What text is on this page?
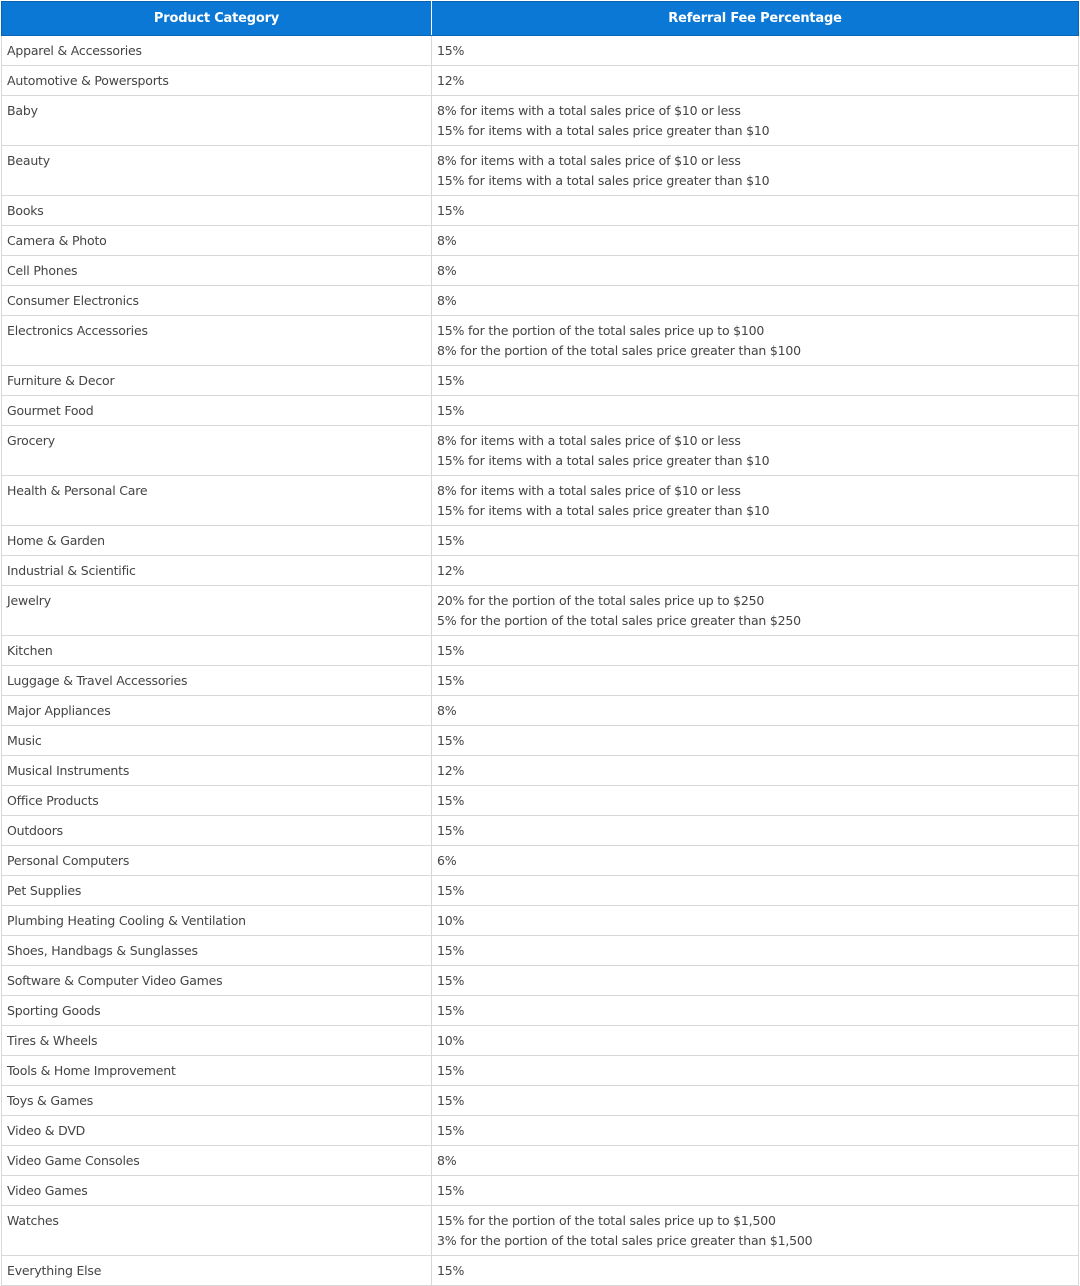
Product Category	Referral Fee Percentage
Apparel & Accessories	15%

Automotive & Powersports	12%

Baby	8% for items with a total sales price of $10 or less
15% for items with a total sales price greater than $10

Beauty	8% for items with a total sales price of $10 or less
15% for items with a total sales price greater than $10

Books	15%

Camera & Photo	8%

Cell Phones	8%

Consumer Electronics	8%

Electronics Accessories	15% for the portion of the total sales price up to $100
8% for the portion of the total sales price greater than $100

Furniture & Decor	15%

Gourmet Food	15%

Grocery	8% for items with a total sales price of $10 or less
15% for items with a total sales price greater than $10

Health & Personal Care	8% for items with a total sales price of $10 or less
15% for items with a total sales price greater than $10

Home & Garden	15%

Industrial & Scientific	12%

Jewelry	20% for the portion of the total sales price up to $250
5% for the portion of the total sales price greater than $250

Kitchen	15%

Luggage & Travel Accessories	15%

Major Appliances	8%

Music	15%

Musical Instruments	12%

Office Products	15%

Outdoors	15%

Personal Computers	6%

Pet Supplies	15%

Plumbing Heating Cooling & Ventilation	10%

Shoes, Handbags & Sunglasses	15%

Software & Computer Video Games	15%

Sporting Goods	15%

Tires & Wheels	10%

Tools & Home Improvement	15%

Toys & Games	15%

Video & DVD	15%

Video Game Consoles	8%

Video Games	15%

Watches	15% for the portion of the total sales price up to $1,500
3% for the portion of the total sales price greater than $1,500

Everything Else	15%
